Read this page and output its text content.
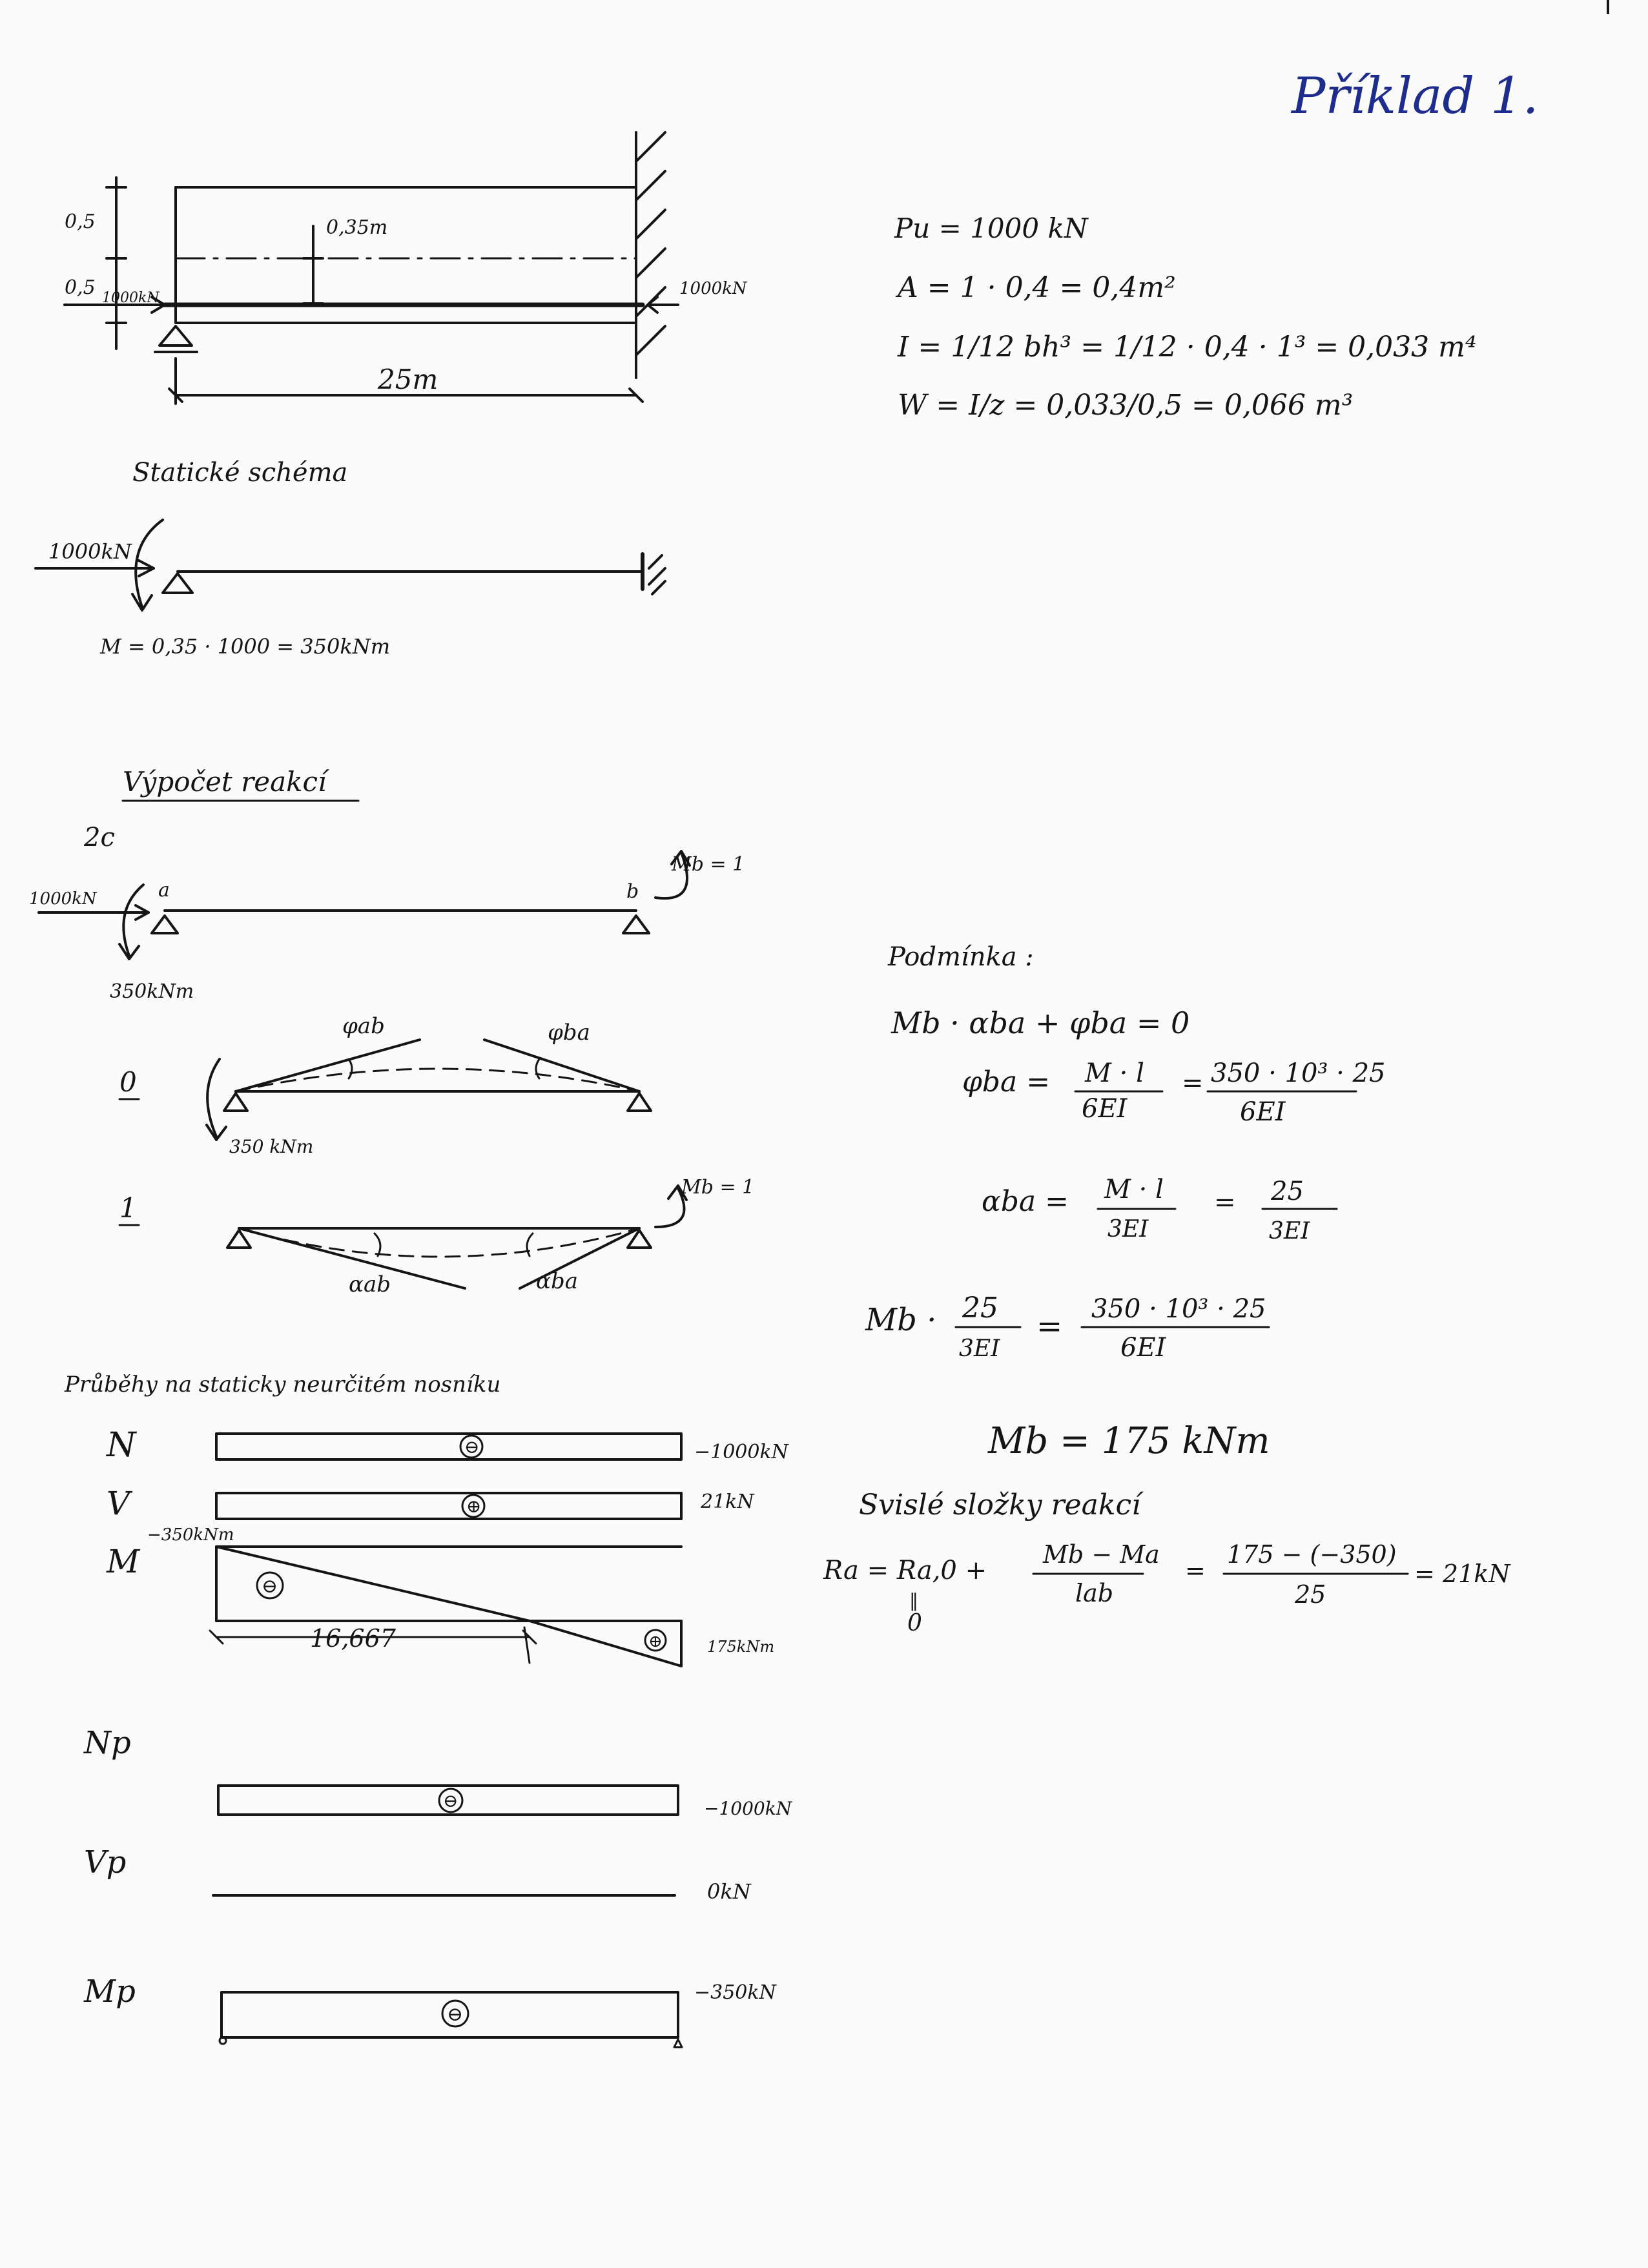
Příklad 1.
0,5
0,5
0,35m
1000kN	1000kN
25m
Pu = 1000 kN
A = 1 · 0,4 = 0,4m²
I = 1/12 bh³ = 1/12 · 0,4 · 1³ = 0,033 m⁴
W = I/z = 0,033/0,5 = 0,066 m³
Statické schéma
1000kN
M = 0,35 · 1000 = 350kNm
Výpočet reakcí
2c
1000kN	a	b
Mb = 1
350kNm
0
φab	φba
350 kNm
1
Mb = 1
αab	αba
Podmínka :
Mb · αba + φba = 0
φba = M · l
6EI
= 350 · 10³ · 25
6EI
αba = M · l
3EI
= 25
3EI
Mb · 25
3EI
= 350 · 10³ · 25
6EI
Mb = 175 kNm
Svislé složky reakcí
Ra = Ra,0 +
‖
0
Mb − Ma
lab
=
175 − (−350)
25
= 21kN
Průběhy na staticky neurčitém nosníku
N	⊖	−1000kN
V	⊕	21kN
M
−350kNm
⊖
⊕	175kNm
16,667
Np
⊖	−1000kN
Vp
0kN
Mp
⊖
−350kN
